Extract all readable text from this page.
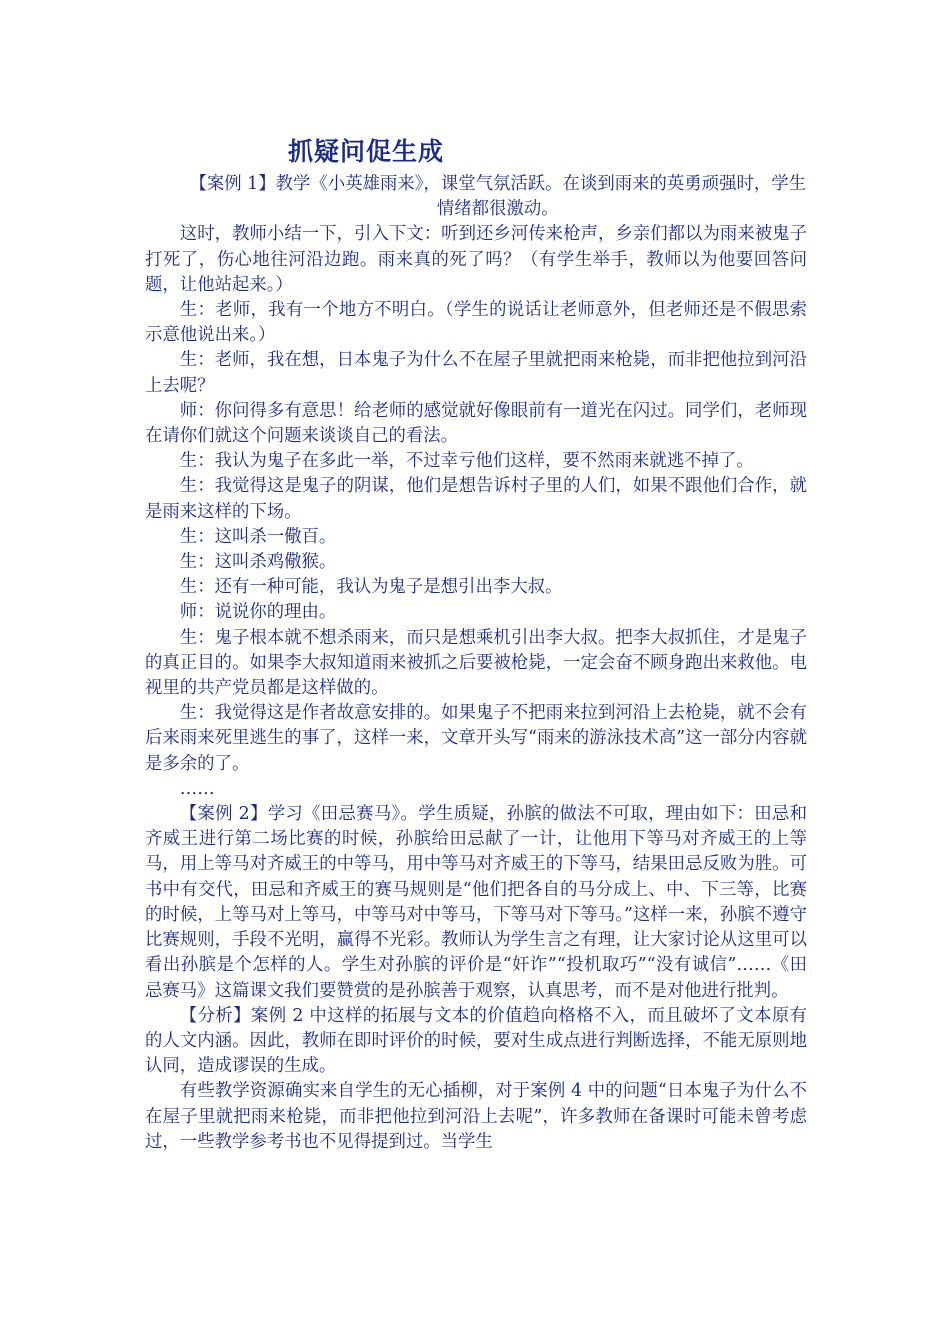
抓疑问促生成

【案例 1】教学《小英雄雨来》，课堂气氛活跃。在谈到雨来的英勇顽强时，学生情绪都很激动。

这时，教师小结一下，引入下文：听到还乡河传来枪声，乡亲们都以为雨来被鬼子打死了，伤心地往河沿边跑。雨来真的死了吗？（有学生举手，教师以为他要回答问题，让他站起来。）

生：老师，我有一个地方不明白。（学生的说话让老师意外，但老师还是不假思索示意他说出来。）

生：老师，我在想，日本鬼子为什么不在屋子里就把雨来枪毙，而非把他拉到河沿上去呢？

师：你问得多有意思！给老师的感觉就好像眼前有一道光在闪过。同学们，老师现在请你们就这个问题来谈谈自己的看法。

生：我认为鬼子在多此一举，不过幸亏他们这样，要不然雨来就逃不掉了。

生：我觉得这是鬼子的阴谋，他们是想告诉村子里的人们，如果不跟他们合作，就是雨来这样的下场。

生：这叫杀一儆百。

生：这叫杀鸡儆猴。

生：还有一种可能，我认为鬼子是想引出李大叔。

师：说说你的理由。

生：鬼子根本就不想杀雨来，而只是想乘机引出李大叔。把李大叔抓住，才是鬼子的真正目的。如果李大叔知道雨来被抓之后要被枪毙，一定会奋不顾身跑出来救他。电视里的共产党员都是这样做的。

生：我觉得这是作者故意安排的。如果鬼子不把雨来拉到河沿上去枪毙，就不会有后来雨来死里逃生的事了，这样一来，文章开头写“雨来的游泳技术高”这一部分内容就是多余的了。

……

【案例 2】学习《田忌赛马》。学生质疑，孙膑的做法不可取，理由如下：田忌和齐威王进行第二场比赛的时候，孙膑给田忌献了一计，让他用下等马对齐威王的上等马，用上等马对齐威王的中等马，用中等马对齐威王的下等马，结果田忌反败为胜。可书中有交代，田忌和齐威王的赛马规则是“他们把各自的马分成上、中、下三等，比赛的时候，上等马对上等马，中等马对中等马，下等马对下等马。”这样一来，孙膑不遵守比赛规则，手段不光明，赢得不光彩。教师认为学生言之有理，让大家讨论从这里可以看出孙膑是个怎样的人。学生对孙膑的评价是“奸诈”“投机取巧”“没有诚信”……《田忌赛马》这篇课文我们要赞赏的是孙膑善于观察，认真思考，而不是对他进行批判。

【分析】案例 2 中这样的拓展与文本的价值趋向格格不入，而且破坏了文本原有的人文内涵。因此，教师在即时评价的时候，要对生成点进行判断选择，不能无原则地认同，造成谬误的生成。

有些教学资源确实来自学生的无心插柳，对于案例 4 中的问题“日本鬼子为什么不在屋子里就把雨来枪毙，而非把他拉到河沿上去呢”，许多教师在备课时可能未曾考虑过，一些教学参考书也不见得提到过。当学生
